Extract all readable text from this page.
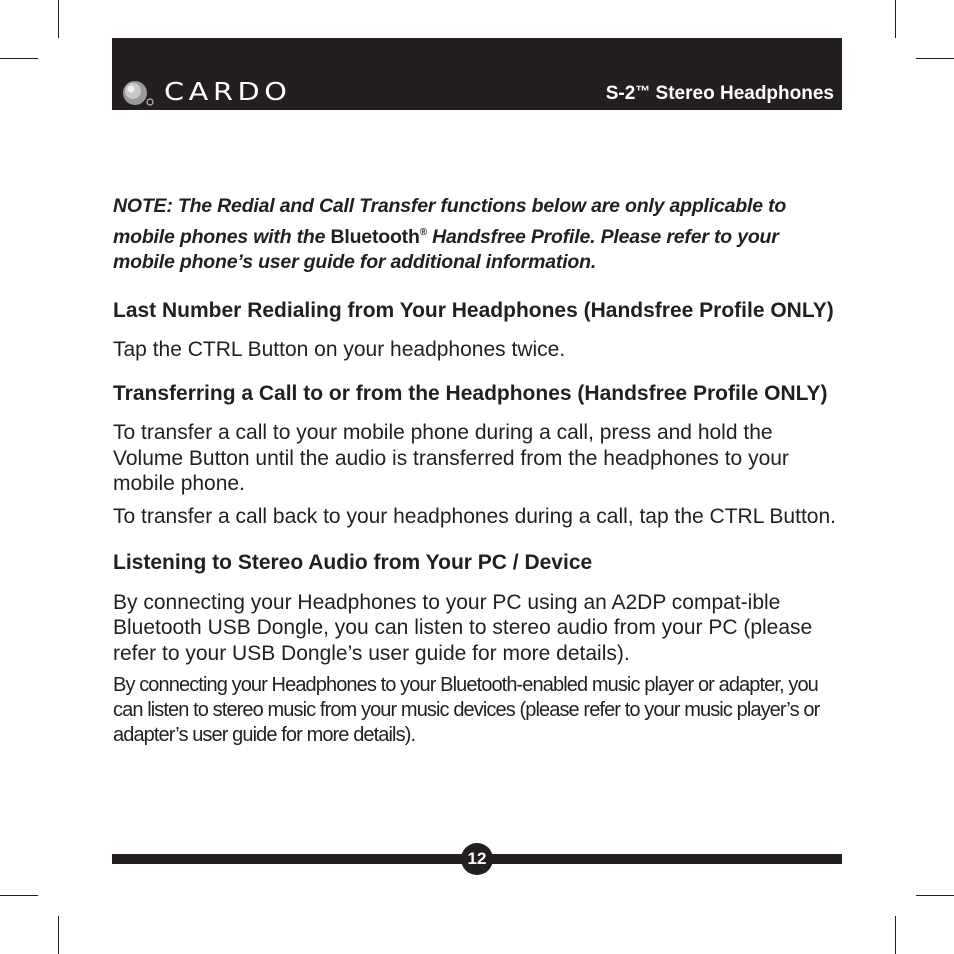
CARDO	S-2™ Stereo Headphones

NOTE: The Redial and Call Transfer functions below are only applicable to mobile phones with the Bluetooth® Handsfree Profile. Please refer to your mobile phone’s user guide for additional information.

Last Number Redialing from Your Headphones (Handsfree Profile ONLY)

Tap the CTRL Button on your headphones twice.

Transferring a Call to or from the Headphones (Handsfree Profile ONLY)

To transfer a call to your mobile phone during a call, press and hold the Volume Button until the audio is transferred from the headphones to your mobile phone.

To transfer a call back to your headphones during a call, tap the CTRL Button.

Listening to Stereo Audio from Your PC / Device

By connecting your Headphones to your PC using an A2DP compat-ible Bluetooth USB Dongle, you can listen to stereo audio from your PC (please refer to your USB Dongle’s user guide for more details).

By connecting your Headphones to your Bluetooth-enabled music player or adapter, you can listen to stereo music from your music devices (please refer to your music player’s or adapter’s user guide for more details).

12
